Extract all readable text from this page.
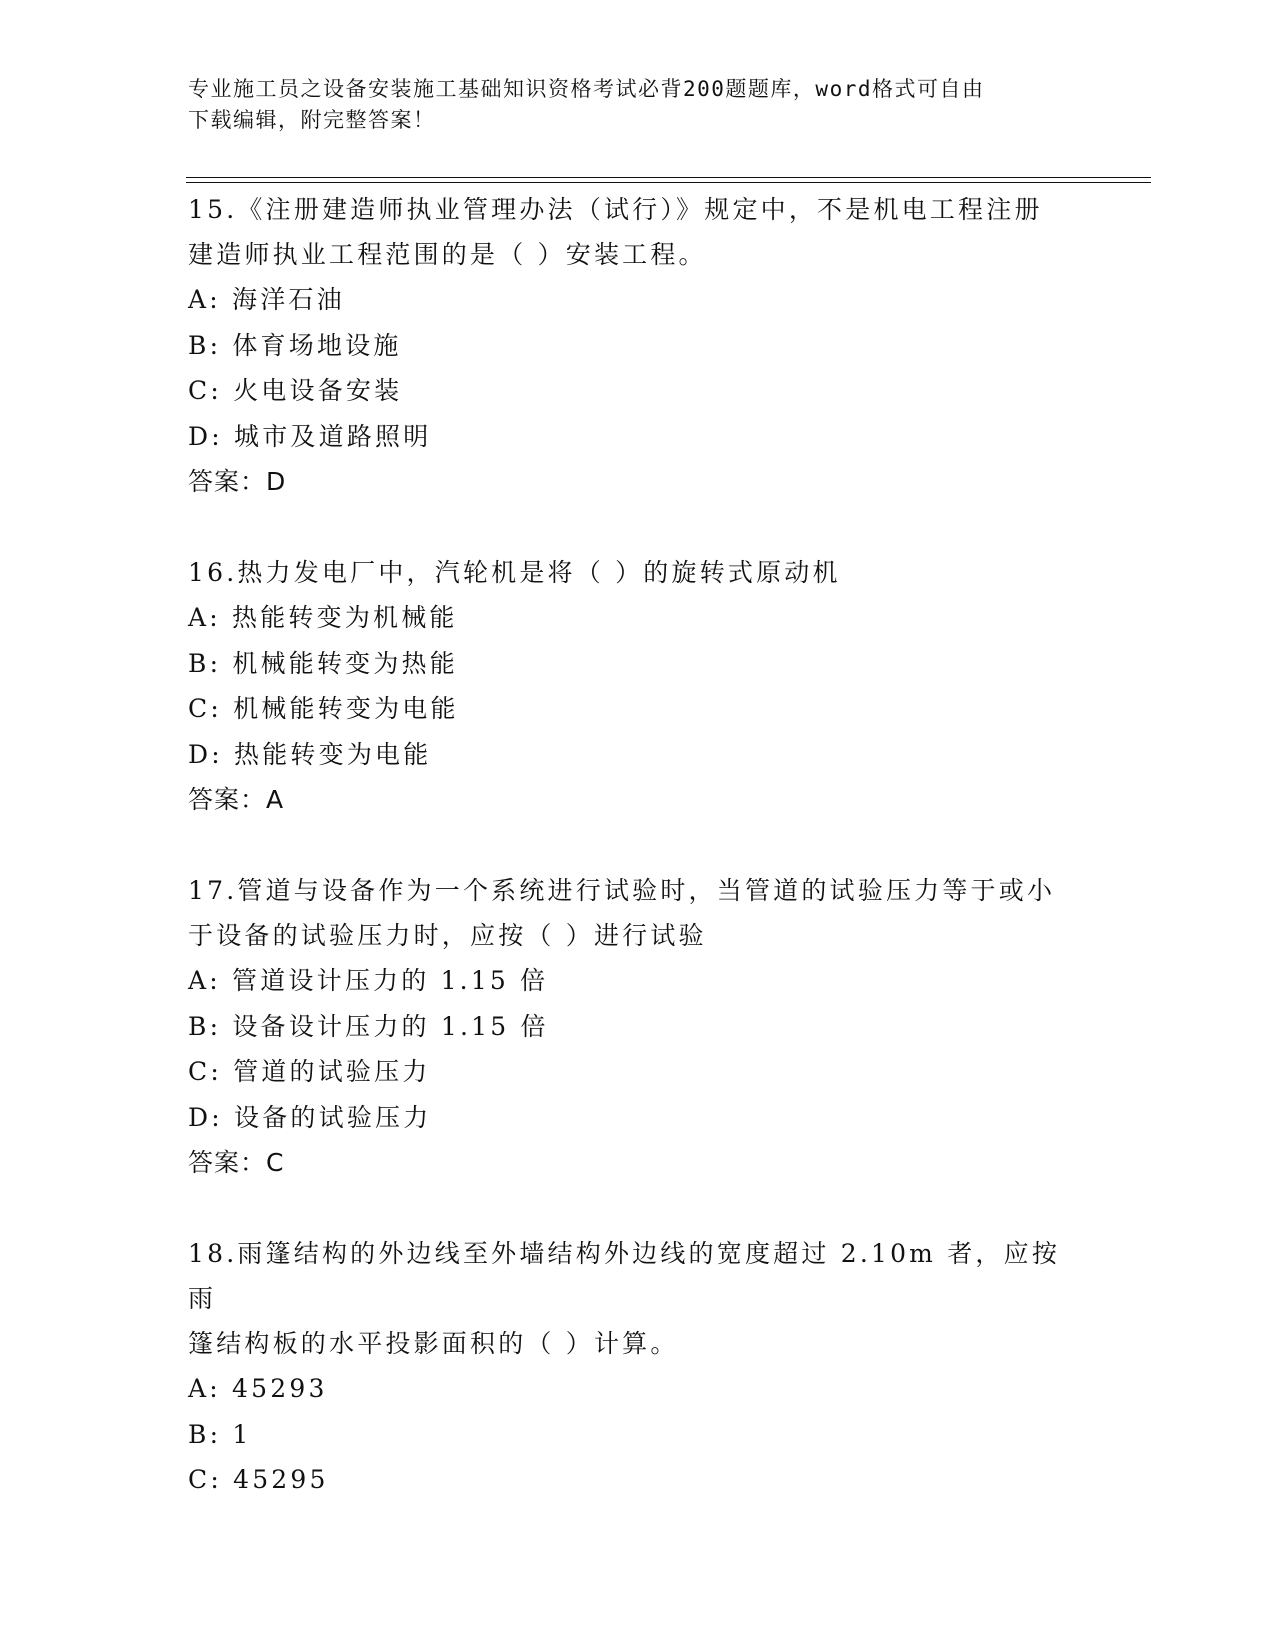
专业施工员之设备安装施工基础知识资格考试必背200题题库，word格式可自由
下载编辑，附完整答案！

15.《注册建造师执业管理办法（试行）》规定中，不是机电工程注册

建造师执业工程范围的是（ ）安装工程。

A: 海洋石油

B: 体育场地设施

C: 火电设备安装

D: 城市及道路照明

答案：D

16.热力发电厂中，汽轮机是将（ ）的旋转式原动机

A: 热能转变为机械能

B: 机械能转变为热能

C: 机械能转变为电能

D: 热能转变为电能

答案：A

17.管道与设备作为一个系统进行试验时，当管道的试验压力等于或小

于设备的试验压力时，应按（ ）进行试验

A: 管道设计压力的 1.15 倍

B: 设备设计压力的 1.15 倍

C: 管道的试验压力

D: 设备的试验压力

答案：C

18.雨篷结构的外边线至外墙结构外边线的宽度超过 2.10m 者，应按雨

篷结构板的水平投影面积的（ ）计算。

A: 45293

B: 1

C: 45295
